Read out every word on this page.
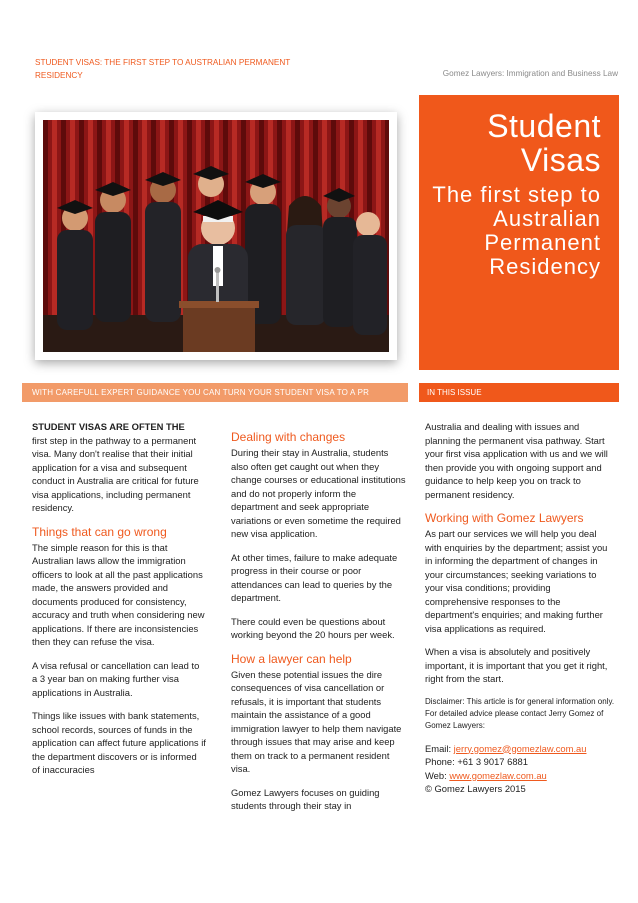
STUDENT VISAS: THE FIRST STEP TO AUSTRALIAN PERMANENT RESIDENCY	Gomez Lawyers: Immigration and Business Law
Student Visas
The first step to Australian Permanent Residency
WITH CAREFULL EXPERT GUIDANCE YOU CAN TURN YOUR STUDENT VISA TO A PR	IN THIS ISSUE

STUDENT VISAS ARE OFTEN THE
first step in the pathway to a permanent visa. Many don't realise that their initial application for a visa and subsequent conduct in Australia are critical for future visa applications, including permanent residency.

Things that can go wrong

The simple reason for this is that Australian laws allow the immigration officers to look at all the past applications made, the answers provided and documents produced for consistency, accuracy and truth when considering new applications. If there are inconsistencies then they can refuse the visa.

A visa refusal or cancellation can lead to a 3 year ban on making further visa applications in Australia.

Things like issues with bank statements, school records, sources of funds in the application can affect future applications if the department discovers or is informed of inaccuracies

Dealing with changes

During their stay in Australia, students also often get caught out when they change courses or educational institutions and do not properly inform the department and seek appropriate variations or even sometime the required new visa application.

At other times, failure to make adequate progress in their course or poor attendances can lead to queries by the department.

There could even be questions about working beyond the 20 hours per week.

How a lawyer can help

Given these potential issues the dire consequences of visa cancellation or refusals, it is important that students maintain the assistance of a good immigration lawyer to help them navigate through issues that may arise and keep them on track to a permanent resident visa.

Gomez Lawyers focuses on guiding students through their stay in

Australia and dealing with issues and planning the permanent visa pathway. Start your first visa application with us and we will then provide you with ongoing support and guidance to help keep you on track to permanent residency.

Working with Gomez Lawyers

As part our services we will help you deal with enquiries by the department; assist you in informing the department of changes in your circumstances; seeking variations to your visa conditions; providing comprehensive responses to the department's enquiries; and making further visa applications as required.

When a visa is absolutely and positively important, it is important that you get it right, right from the start.

Disclaimer: This article is for general information only. For detailed advice please contact Jerry Gomez of Gomez Lawyers:

Email: jerry.gomez@gomezlaw.com.au

Phone: +61 3 9017 6881

Web: www.gomezlaw.com.au

© Gomez Lawyers 2015
